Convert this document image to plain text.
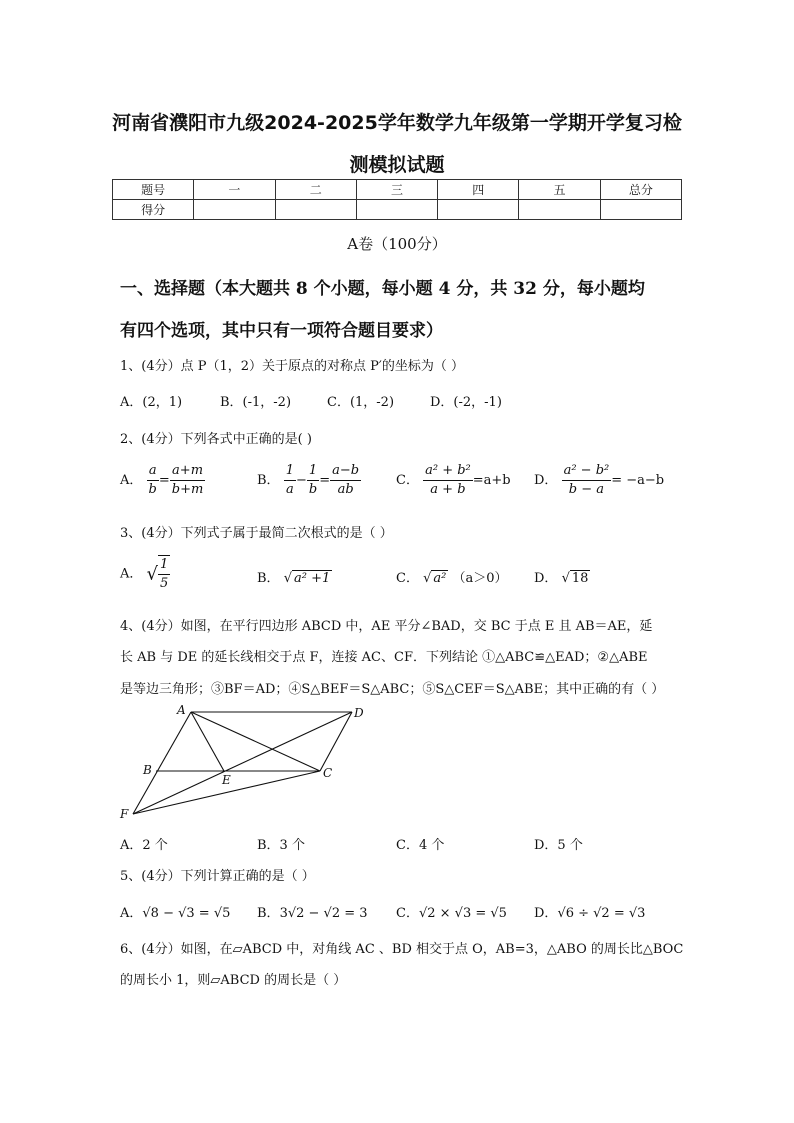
河南省濮阳市九级2024-2025学年数学九年级第一学期开学复习检
测模拟试题
题号	一	二	三	四	五	总分
得分						
A卷（100分）
一、选择题（本大题共 8 个小题，每小题 4 分，共 32 分，每小题均
有四个选项，其中只有一项符合题目要求）
1、(4分）点 P（1，2）关于原点的对称点 P′的坐标为（ ）
A．(2，1)	B．(-1，-2)	C．(1，-2)	D．(-2，-1)
2、(4分）下列各式中正确的是( )
A． $\frac{a}{b} = \frac{a+m}{b+m}$	B． $\frac{1}{a} - \frac{1}{b} = \frac{a-b}{ab}$	C． $\frac{\text{a² + b²}}{a + b} =a+b$ D． $\frac{\text{a² − b²}}{b - a} = -a-b$
3、(4分）下列式子属于最简二次根式的是（ ）
A． √ $\frac{1}{5}$	B． √ a² +1	C． √ a² （a＞0） D． √ 18
4、(4分）如图，在平行四边形 ABCD 中，AE 平分∠BAD，交 BC 于点 E 且 AB＝AE，延
长 AB 与 DE 的延长线相交于点 F，连接 AC、CF．下列结论 ①△ABC≌△EAD；②△ABE
是等边三角形；③BF＝AD；④S△BEF＝S△ABC；⑤S△CEF＝S△ABE；其中正确的有（ ）
A	D
B
E	C
F
A．2 个	B．3 个	C．4 个	D．5 个
5、(4分）下列计算正确的是（ ）
A．√8 − √3 = √5 B．3√2 − √2 = 3 C．√2 × √3 = √5 D．√6 ÷ √2 = √3
6、(4分）如图，在▱ABCD 中，对角线 AC 、BD 相交于点 O，AB=3，△ABO 的周长比△BOC
的周长小 1，则▱ABCD 的周长是（ ）
